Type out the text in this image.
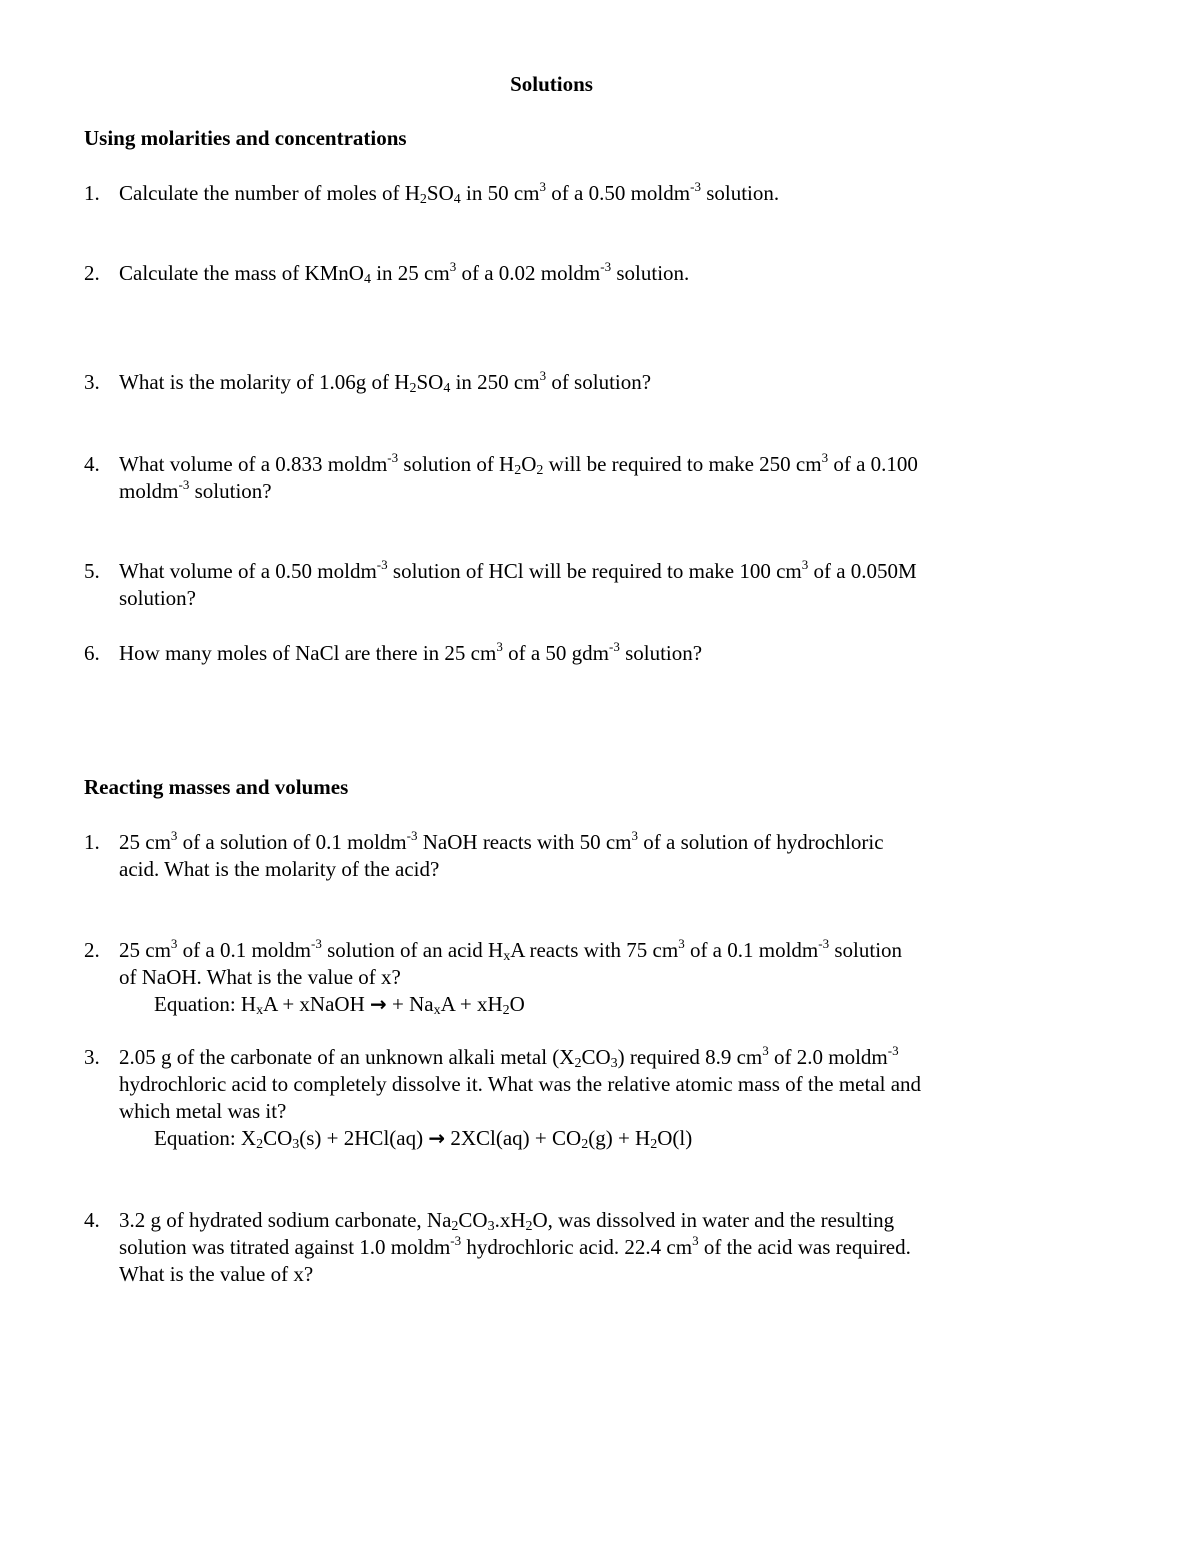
Solutions
Using molarities and concentrations
1. Calculate the number of moles of $H_2SO_4$ in 50 $cm^3$ of a 0.50 moldm$^{-3}$ solution.
2. Calculate the mass of KMnO$_4$ in 25 $cm^3$ of a 0.02 moldm$^{-3}$ solution.
3. What is the molarity of 1.06g of $H_2SO_4$ in 250 $cm^3$ of solution?
4. What volume of a 0.833 moldm$^{-3}$ solution of $H_2O_2$ will be required to make 250 $cm^3$ of a 0.100
moldm$^{-3}$ solution?
5. What volume of a 0.50 moldm$^{-3}$ solution of HCl will be required to make 100 $cm^3$ of a 0.050M
solution?
6. How many moles of NaCl are there in 25 $cm^3$ of a 50 gdm$^{-3}$ solution?
Reacting masses and volumes
1. 25 $cm^3$ of a solution of 0.1 moldm$^{-3}$ NaOH reacts with 50 $cm^3$ of a solution of hydrochloric
acid. What is the molarity of the acid?
2. 25 $cm^3$ of a 0.1 moldm$^{-3}$ solution of an acid $H_xA$ reacts with 75 $cm^3$ of a 0.1 moldm$^{-3}$ solution
of NaOH. What is the value of x?
Equation: $H_xA$ + xNaOH → + $Na_xA + xH_2O$
3. 2.05 g of the carbonate of an unknown alkali metal $(X_2CO_3)$ required 8.9 $cm^3$ of 2.0 moldm$^{-3}$
hydrochloric acid to completely dissolve it. What was the relative atomic mass of the metal and
which metal was it?
Equation: $X_2CO_3(s) + 2HCl(aq) \to 2XCl(aq) + CO_2(g) + H_2O(l)$
4. 3.2 g of hydrated sodium carbonate, $Na_2CO_3.xH_2O$, was dissolved in water and the resulting
solution was titrated against 1.0 moldm$^{-3}$ hydrochloric acid. 22.4 $cm^3$ of the acid was required.
What is the value of x?
